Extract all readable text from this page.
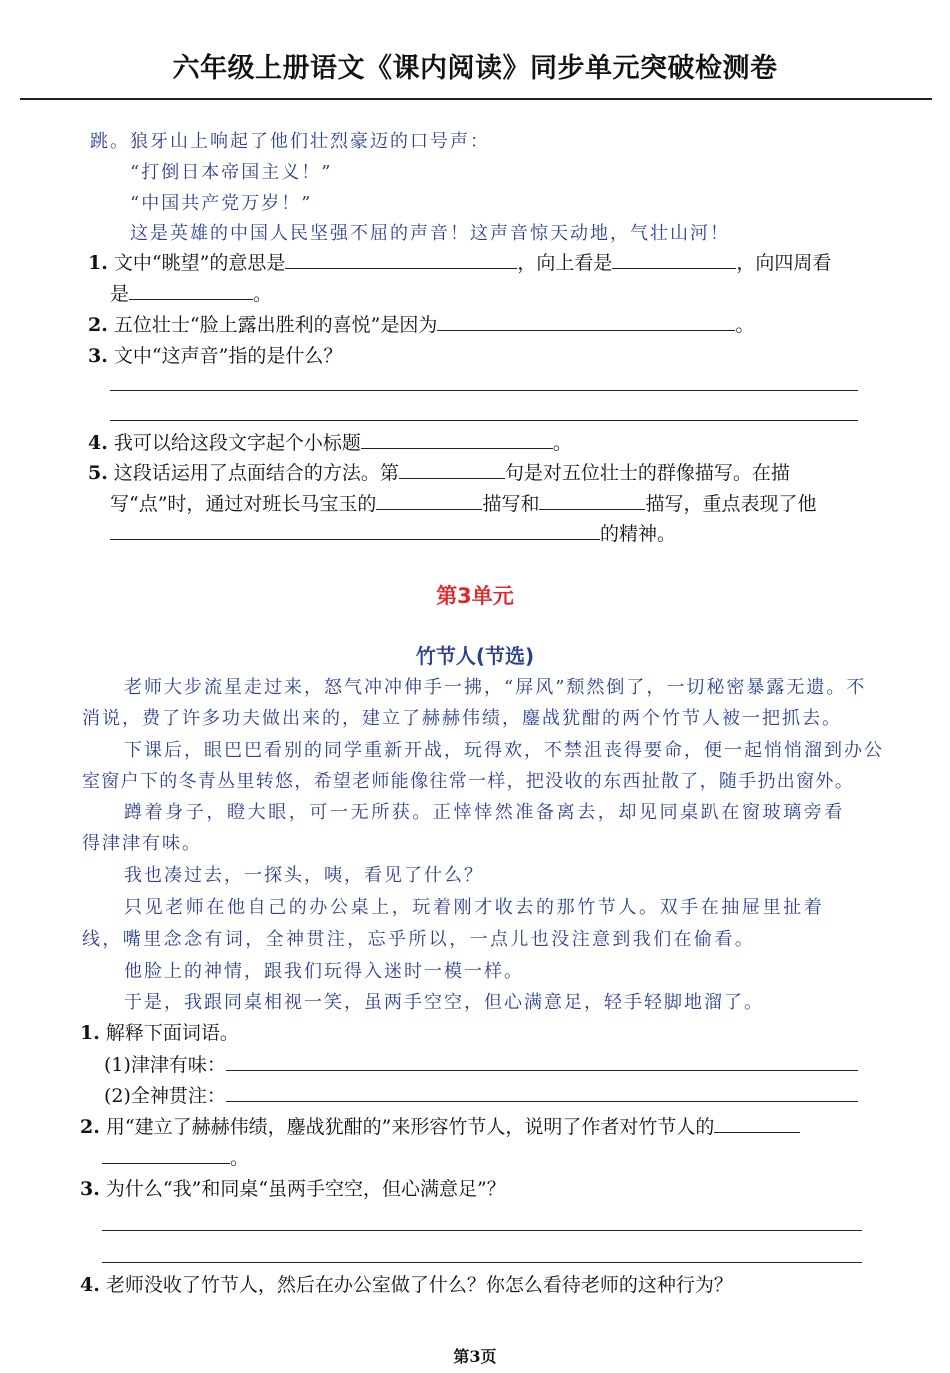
六年级上册语文《课内阅读》同步单元突破检测卷
跳。狼牙山上响起了他们壮烈豪迈的口号声：
“打倒日本帝国主义！”
“中国共产党万岁！”
这是英雄的中国人民坚强不屈的声音！这声音惊天动地，气壮山河！
1. 文中“眺望”的意思是	，向上看是	，向四周看
是	。
2. 五位壮士“脸上露出胜利的喜悦”是因为	。
3. 文中“这声音”指的是什么？
4. 我可以给这段文字起个小标题	。
5. 这段话运用了点面结合的方法。第	句是对五位壮士的群像描写。在描
写“点”时，通过对班长马宝玉的	描写和	描写，重点表现了他
的精神。
第3单元
竹节人(节选)
老师大步流星走过来，怒气冲冲伸手一拂，“屏风”颓然倒了，一切秘密暴露无遗。不
消说，费了许多功夫做出来的，建立了赫赫伟绩，鏖战犹酣的两个竹节人被一把抓去。
下课后，眼巴巴看别的同学重新开战，玩得欢，不禁沮丧得要命，便一起悄悄溜到办公
室窗户下的冬青丛里转悠，希望老师能像往常一样，把没收的东西扯散了，随手扔出窗外。
蹲着身子，瞪大眼，可一无所获。正悻悻然准备离去，却见同桌趴在窗玻璃旁看
得津津有味。
我也凑过去，一探头，咦，看见了什么？
只见老师在他自己的办公桌上，玩着刚才收去的那竹节人。双手在抽屉里扯着
线，嘴里念念有词，全神贯注，忘乎所以，一点儿也没注意到我们在偷看。
他脸上的神情，跟我们玩得入迷时一模一样。
于是，我跟同桌相视一笑，虽两手空空，但心满意足，轻手轻脚地溜了。
1. 解释下面词语。
(1)津津有味：
(2)全神贯注：
2. 用“建立了赫赫伟绩，鏖战犹酣的”来形容竹节人，说明了作者对竹节人的
。
3. 为什么“我”和同桌“虽两手空空，但心满意足”？
4. 老师没收了竹节人，然后在办公室做了什么？你怎么看待老师的这种行为？
第3页
